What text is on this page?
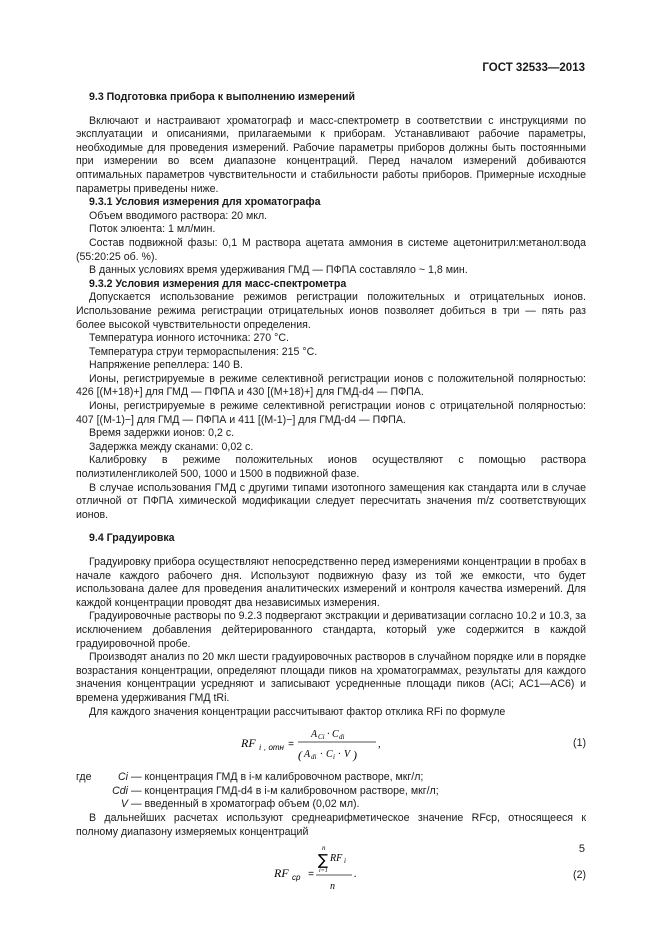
ГОСТ 32533—2013

9.3 Подготовка прибора к выполнению измерений

Включают и настраивают хроматограф и масс-спектрометр в соответствии с инструкциями по эксплуатации и описаниями, прилагаемыми к приборам. Устанавливают рабочие параметры, необходимые для проведения измерений. Рабочие параметры приборов должны быть постоянными при измерении во всем диапазоне концентраций. Перед началом измерений добиваются оптимальных параметров чувствительности и стабильности работы приборов. Примерные исходные параметры приведены ниже.

9.3.1 Условия измерения для хроматографа

Объем вводимого раствора: 20 мкл.

Поток элюента: 1 мл/мин.

Состав подвижной фазы: 0,1 М раствора ацетата аммония в системе ацетонитрил:метанол:вода (55:20:25 об. %).

В данных условиях время удерживания ГМД — ПФПА составляло ~ 1,8 мин.

9.3.2 Условия измерения для масс-спектрометра

Допускается использование режимов регистрации положительных и отрицательных ионов. Использование режима регистрации отрицательных ионов позволяет добиться в три — пять раз более высокой чувствительности определения.

Температура ионного источника: 270 °C.

Температура струи термораспыления: 215 °C.

Напряжение репеллера: 140 В.

Ионы, регистрируемые в режиме селективной регистрации ионов с положительной полярностью: 426 [(M+18)+] для ГМД — ПФПА и 430 [(M+18)+] для ГМД-d4 — ПФПА.

Ионы, регистрируемые в режиме селективной регистрации ионов с отрицательной полярностью: 407 [(M-1)−] для ГМД — ПФПА и 411 [(M-1)−] для ГМД-d4 — ПФПА.

Время задержки ионов: 0,2 с.

Задержка между сканами: 0,02 с.

Калибровку в режиме положительных ионов осуществляют с помощью раствора полиэтиленгликолей 500, 1000 и 1500 в подвижной фазе.

В случае использования ГМД с другими типами изотопного замещения как стандарта или в случае отличной от ПФПА химической модификации следует пересчитать значения m/z соответствующих ионов.

9.4 Градуировка

Градуировку прибора осуществляют непосредственно перед измерениями концентрации в пробах в начале каждого рабочего дня. Используют подвижную фазу из той же емкости, что будет использована далее для проведения аналитических измерений и контроля качества измерений. Для каждой концентрации проводят два независимых измерения.

Градуировочные растворы по 9.2.3 подвергают экстракции и дериватизации согласно 10.2 и 10.3, за исключением добавления дейтерированного стандарта, который уже содержится в каждой градуировочной пробе.

Производят анализ по 20 мкл шести градуировочных растворов в случайном порядке или в порядке возрастания концентрации, определяют площади пиков на хроматограммах, результаты для каждого значения концентрации усредняют и записывают усредненные площади пиков (ACi; AC1—AC6) и времена удерживания ГМД tRi.

Для каждого значения концентрации рассчитывают фактор отклика RFi по формуле

RF i , отн =
A Ci · C di
( A di · C i · V )
,	(1)
где	Ci — концентрация ГМД в i-м калибровочном растворе, мкг/л;
Cdi — концентрация ГМД-d4 в i-м калибровочном растворе, мкг/л;
V — введенный в хроматограф объем (0,02 мл).

В дальнейших расчетах используют среднеарифметическое значение RFср, относящееся к полному диапазону измеряемых концентраций

RF ср =
n
∑ RF i
i=1
n
.	(2)
5
